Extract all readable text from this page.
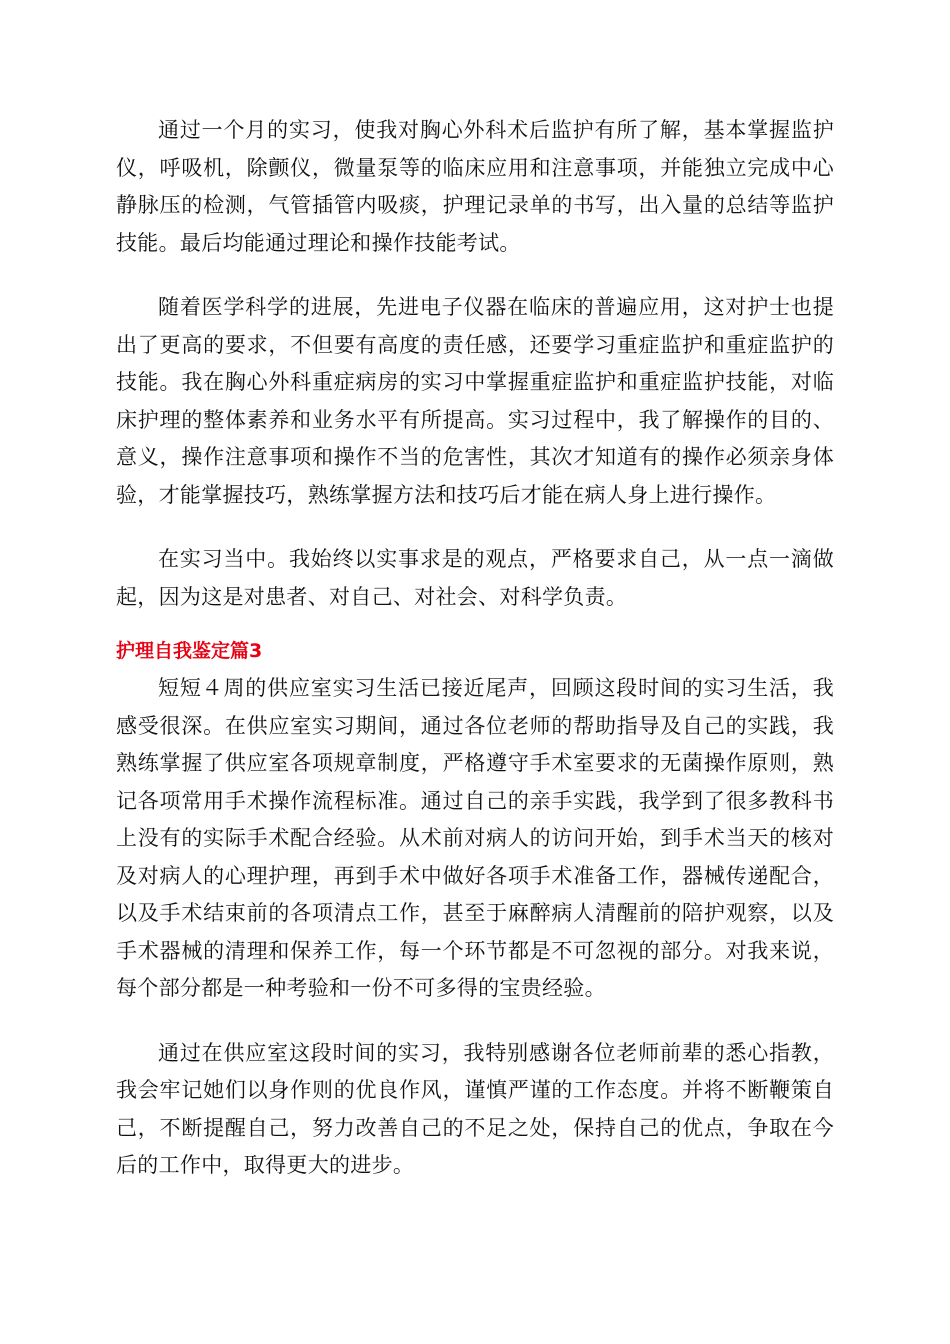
通过一个月的实习，使我对胸心外科术后监护有所了解，基本掌握监护仪，呼吸机，除颤仪，微量泵等的临床应用和注意事项，并能独立完成中心静脉压的检测，气管插管内吸痰，护理记录单的书写，出入量的总结等监护技能。最后均能通过理论和操作技能考试。

随着医学科学的进展，先进电子仪器在临床的普遍应用，这对护士也提出了更高的要求，不但要有高度的责任感，还要学习重症监护和重症监护的技能。我在胸心外科重症病房的实习中掌握重症监护和重症监护技能，对临床护理的整体素养和业务水平有所提高。实习过程中，我了解操作的目的、意义，操作注意事项和操作不当的危害性，其次才知道有的操作必须亲身体验，才能掌握技巧，熟练掌握方法和技巧后才能在病人身上进行操作。

在实习当中。我始终以实事求是的观点，严格要求自己，从一点一滴做起，因为这是对患者、对自己、对社会、对科学负责。

护理自我鉴定篇3

短短４周的供应室实习生活已接近尾声，回顾这段时间的实习生活，我感受很深。在供应室实习期间，通过各位老师的帮助指导及自己的实践，我熟练掌握了供应室各项规章制度，严格遵守手术室要求的无菌操作原则，熟记各项常用手术操作流程标准。通过自己的亲手实践，我学到了很多教科书上没有的实际手术配合经验。从术前对病人的访问开始，到手术当天的核对及对病人的心理护理，再到手术中做好各项手术准备工作，器械传递配合，以及手术结束前的各项清点工作，甚至于麻醉病人清醒前的陪护观察，以及手术器械的清理和保养工作，每一个环节都是不可忽视的部分。对我来说，每个部分都是一种考验和一份不可多得的宝贵经验。

通过在供应室这段时间的实习，我特别感谢各位老师前辈的悉心指教，我会牢记她们以身作则的优良作风，谨慎严谨的工作态度。并将不断鞭策自己，不断提醒自己，努力改善自己的不足之处，保持自己的优点，争取在今后的工作中，取得更大的进步。
